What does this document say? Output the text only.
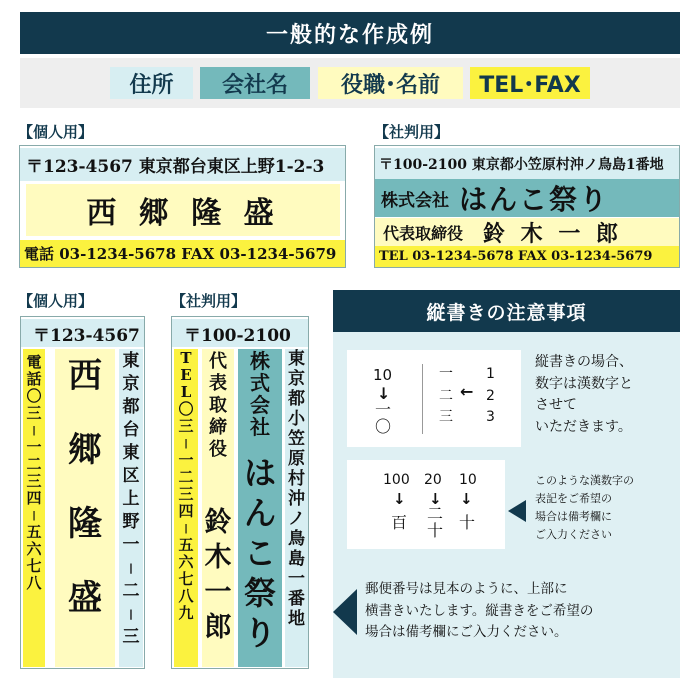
一般的な作成例
住所 会社名 役職･名前 TEL･FAX
【個人用】
〒123-4567 東京都台東区上野1-2-3
西 郷 隆 盛
電話 03-1234-5678 FAX 03-1234-5679
【社判用】
〒100-2100 東京都小笠原村沖ノ鳥島1番地
株式会社 はんこ祭り
代表取締役 鈴 木 一 郎
TEL 03-1234-5678 FAX 03-1234-5679
【個人用】
〒123-4567
電
話
〇
三
|
一
二
三
四
|
五
六
七
八
西
郷
隆
盛
東
京
都
台
東
区
上
野
一
|
二
|
三
【社判用】
〒100-2100
T
E
L
〇
三
|
一
二
三
四
|
五
六
七
八
九
代
表
取
締
役
鈴
木
一
郎
株
式
会
社
は
ん
こ
祭
り
東
京
都
小
笠
原
村
沖
ノ
鳥
島
一
番
地
縦書きの注意事項
10
↓
一〇
一
二
三
←
1
2
3
縦書きの場合、
数字は漢数字と
させて
いただきます。
100 20 10
↓ ↓ ↓
百 二十 十
このような漢数字の
表記をご希望の
場合は備考欄に
ご入力ください
郵便番号は見本のように、上部に
横書きいたします。縦書きをご希望の
場合は備考欄にご入力ください。
